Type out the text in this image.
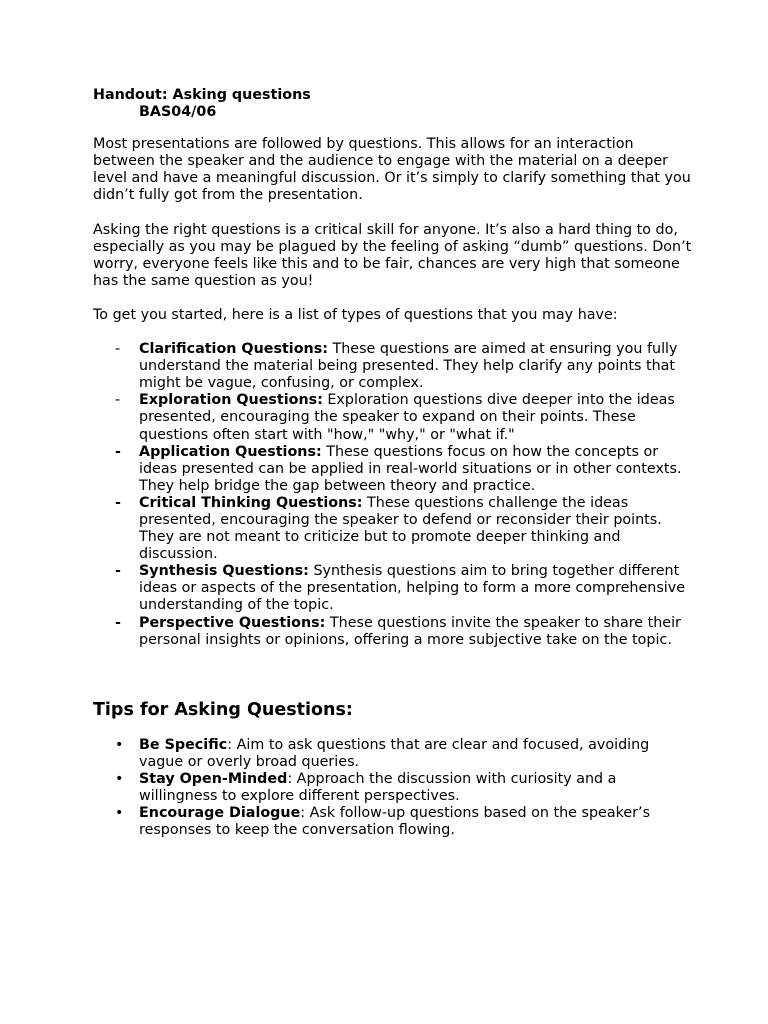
Handout: Asking questions

BAS04/06

Most presentations are followed by questions. This allows for an interaction between the speaker and the audience to engage with the material on a deeper level and have a meaningful discussion. Or it’s simply to clarify something that you didn’t fully got from the presentation.

Asking the right questions is a critical skill for anyone. It’s also a hard thing to do, especially as you may be plagued by the feeling of asking “dumb” questions. Don’t worry, everyone feels like this and to be fair, chances are very high that someone has the same question as you!

To get you started, here is a list of types of questions that you may have:

-	Clarification Questions: These questions are aimed at ensuring you fully understand the material being presented. They help clarify any points that might be vague, confusing, or complex.
-	Exploration Questions: Exploration questions dive deeper into the ideas presented, encouraging the speaker to expand on their points. These questions often start with "how," "why," or "what if."
-	Application Questions: These questions focus on how the concepts or ideas presented can be applied in real-world situations or in other contexts. They help bridge the gap between theory and practice.
-	Critical Thinking Questions: These questions challenge the ideas presented, encouraging the speaker to defend or reconsider their points. They are not meant to criticize but to promote deeper thinking and discussion.
-	Synthesis Questions: Synthesis questions aim to bring together different ideas or aspects of the presentation, helping to form a more comprehensive understanding of the topic.
-	Perspective Questions: These questions invite the speaker to share their personal insights or opinions, offering a more subjective take on the topic.
Tips for Asking Questions:
• Be Specific: Aim to ask questions that are clear and focused, avoiding vague or overly broad queries.
• Stay Open-Minded: Approach the discussion with curiosity and a willingness to explore different perspectives.
• Encourage Dialogue: Ask follow-up questions based on the speaker’s responses to keep the conversation flowing.
